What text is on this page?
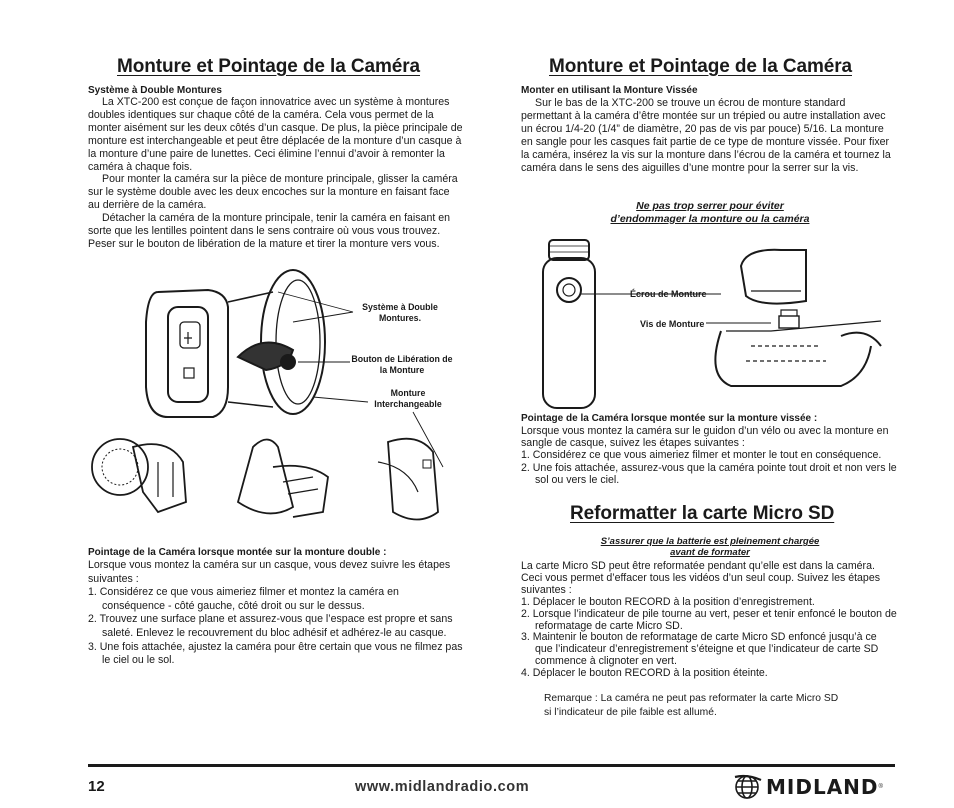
Monture et Pointage de la Caméra
Système à Double Montures

La XTC-200 est conçue de façon innovatrice avec un système à montures doubles identiques sur chaque côté de la caméra. Cela vous permet de la monter aisément sur les deux côtés d’un casque. De plus, la pièce principale de monture est interchangeable et peut être déplacée de la monture d’un casque à la monture d’une paire de lunettes. Ceci élimine l’ennui d’avoir à remonter la caméra à chaque fois.

Pour monter la caméra sur la pièce de monture principale, glisser la caméra sur le système double avec les deux encoches sur la monture en faisant face au derrière de la caméra.

Détacher la caméra de la monture principale, tenir la caméra en faisant en sorte que les lentilles pointent dans le sens contraire où vous vous trouvez. Peser sur le bouton de libération de la mature et tirer la monture vers vous.

Système à Double Montures.
Bouton de Libération de la Monture
Monture Interchangeable
Pointage de la Caméra lorsque montée sur la monture double :

Lorsque vous montez la caméra sur un casque, vous devez suivre les étapes suivantes :

1. Considérez ce que vous aimeriez filmer et montez la caméra en conséquence - côté gauche, côté droit ou sur le dessus.

2. Trouvez une surface plane et assurez-vous que l’espace est propre et sans saleté. Enlevez le recouvrement du bloc adhésif et adhérez-le au casque.

3. Une fois attachée, ajustez la caméra pour être certain que vous ne filmez pas le ciel ou le sol.

Monture et Pointage de la Caméra
Monter en utilisant la Monture Vissée

Sur le bas de la XTC-200 se trouve un écrou de monture standard permettant à la caméra d’être montée sur un trépied ou autre installation avec un écrou 1/4-20 (1/4” de diamètre, 20 pas de vis par pouce) 5/16. La monture en sangle pour les casques fait partie de ce type de monture vissée. Pour fixer la caméra, insérez la vis sur la monture dans l’écrou de la caméra et tournez la caméra dans le sens des aiguilles d’une montre pour la serrer sur la vis.

Ne pas trop serrer pour éviter
d’endommager la monture ou la caméra
Écrou de Monture
Vis de Monture
Pointage de la Caméra lorsque montée sur la monture vissée :

Lorsque vous montez la caméra sur le guidon d’un vélo ou avec la monture en sangle de casque, suivez les étapes suivantes :

1. Considérez ce que vous aimeriez filmer et monter le tout en conséquence.

2. Une fois attachée, assurez-vous que la caméra pointe tout droit et non vers le sol ou vers le ciel.

Reformatter la carte Micro SD
S’assurer que la batterie est pleinement chargée
avant de formater

La carte Micro SD peut être reformatée pendant qu’elle est dans la caméra. Ceci vous permet d’effacer tous les vidéos d’un seul coup. Suivez les étapes suivantes :

1. Déplacer le bouton RECORD à la position d’enregistrement.

2. Lorsque l’indicateur de pile tourne au vert, peser et tenir enfoncé le bouton de reformatage de carte Micro SD.

3. Maintenir le bouton de reformatage de carte Micro SD enfoncé jusqu’à ce que l’indicateur d’enregistrement s’éteigne et que l’indicateur de carte SD commence à clignoter en vert.

4. Déplacer le bouton RECORD à la position éteinte.

Remarque : La caméra ne peut pas reformater la carte Micro SD

si l’indicateur de pile faible est allumé.

12	www.midlandradio.com	MIDLAND ®
